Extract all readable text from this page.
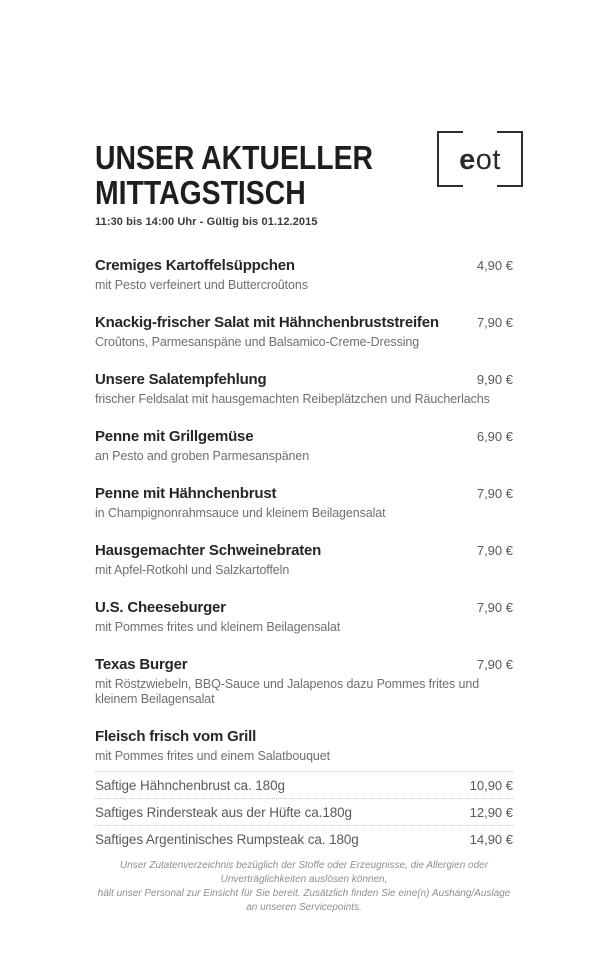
UNSER AKTUELLER
MITTAGSTISCH
11:30 bis 14:00 Uhr - Gültig bis 01.12.2015
e ot
Cremiges Kartoffelsüppchen	4,90 €
mit Pesto verfeinert und Buttercroûtons
Knackig-frischer Salat mit Hähnchenbruststreifen	7,90 €
Croûtons, Parmesanspäne und Balsamico-Creme-Dressing
Unsere Salatempfehlung	9,90 €
frischer Feldsalat mit hausgemachten Reibeplätzchen und Räucherlachs
Penne mit Grillgemüse	6,90 €
an Pesto and groben Parmesanspänen
Penne mit Hähnchenbrust	7,90 €
in Champignonrahmsauce und kleinem Beilagensalat
Hausgemachter Schweinebraten	7,90 €
mit Apfel-Rotkohl und Salzkartoffeln
U.S. Cheeseburger	7,90 €
mit Pommes frites und kleinem Beilagensalat
Texas Burger	7,90 €
mit Röstzwiebeln, BBQ-Sauce und Jalapenos dazu Pommes frites und kleinem Beilagensalat
Fleisch frisch vom Grill
mit Pommes frites und einem Salatbouquet
Saftige Hähnchenbrust ca. 180g	10,90 €
Saftiges Rindersteak aus der Hüfte ca.180g	12,90 €
Saftiges Argentinisches Rumpsteak ca. 180g	14,90 €
Unser Zutatenverzeichnis bezüglich der Stoffe oder Erzeugnisse, die Allergien oder Unverträglichkeiten auslösen können,
hält unser Personal zur Einsicht für Sie bereit. Zusätzlich finden Sie eine(n) Aushang/Auslage an unseren Servicepoints.
